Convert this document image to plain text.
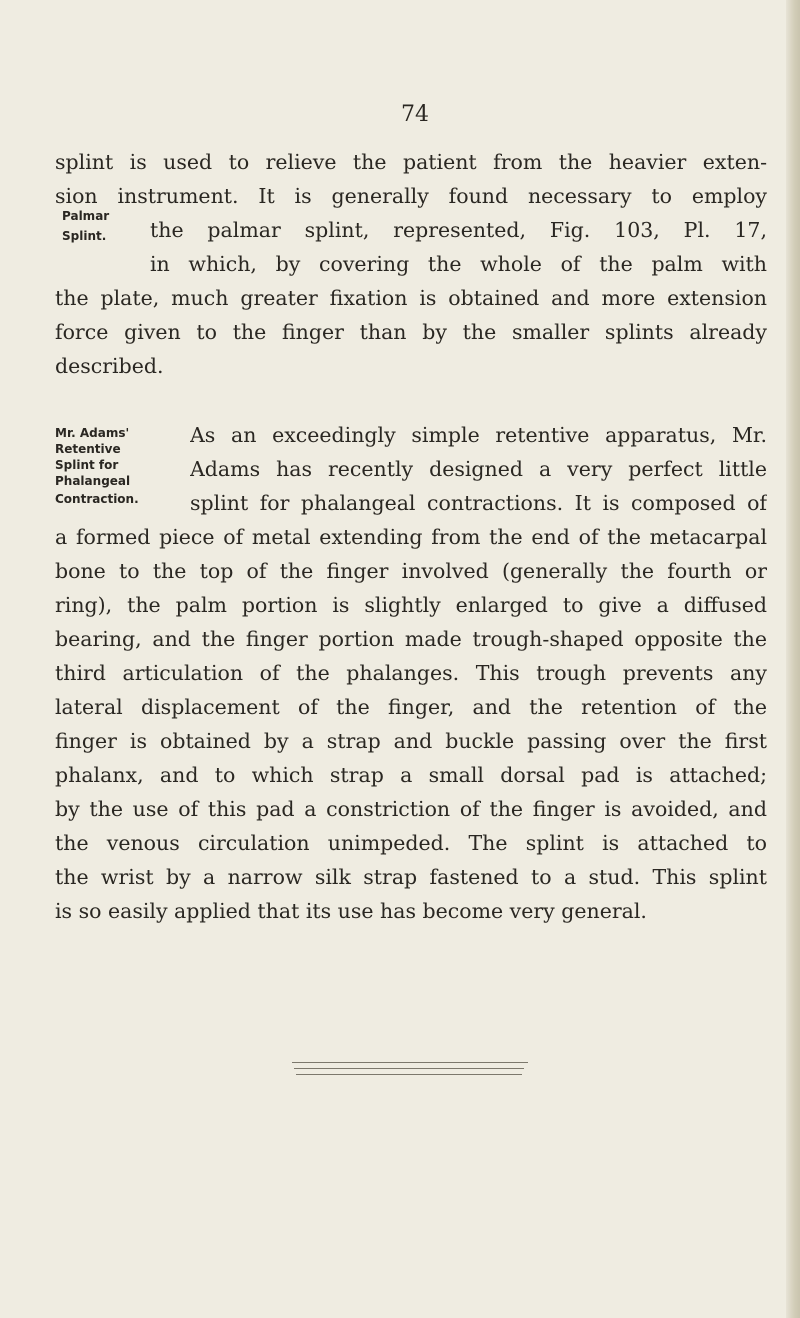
74
Palmar
Splint.
Mr. Adams'
Retentive
Splint for
Phalangeal
Contraction.
splint is used to relieve the patient from the heavier exten-
sion instrument. It is generally found necessary to employ
the palmar splint, represented, Fig. 103, Pl. 17,
in which, by covering the whole of the palm with
the plate, much greater fixation is obtained and more extension
force given to the finger than by the smaller splints already
described.
As an exceedingly simple retentive apparatus, Mr.
Adams has recently designed a very perfect little
splint for phalangeal contractions. It is composed of
a formed piece of metal extending from the end of the metacarpal
bone to the top of the finger involved (generally the fourth or
ring), the palm portion is slightly enlarged to give a diffused
bearing, and the finger portion made trough-shaped opposite the
third articulation of the phalanges. This trough prevents any
lateral displacement of the finger, and the retention of the
finger is obtained by a strap and buckle passing over the first
phalanx, and to which strap a small dorsal pad is attached;
by the use of this pad a constriction of the finger is avoided, and
the venous circulation unimpeded. The splint is attached to
the wrist by a narrow silk strap fastened to a stud. This splint
is so easily applied that its use has become very general.
